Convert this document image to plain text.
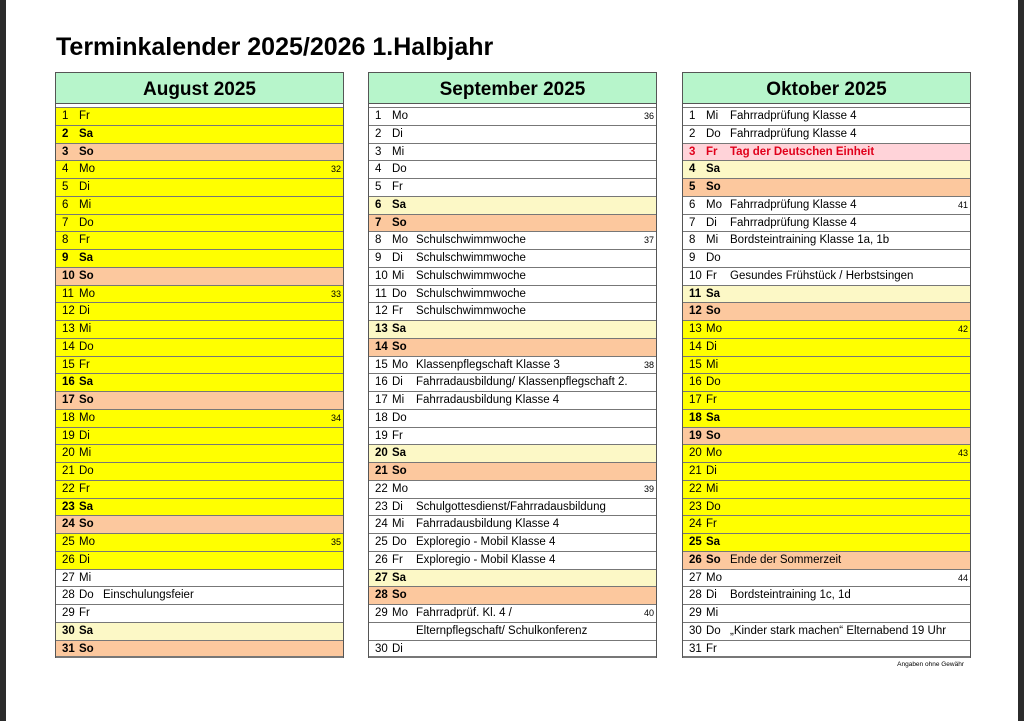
Terminkalender 2025/2026 1.Halbjahr
August 2025
1 Fr
2 Sa
3 So
4 Mo	32
5 Di
6 Mi
7 Do
8 Fr
9 Sa
10 So
11 Mo	33
12 Di
13 Mi
14 Do
15 Fr
16 Sa
17 So
18 Mo	34
19 Di
20 Mi
21 Do
22 Fr
23 Sa
24 So
25 Mo	35
26 Di
27 Mi
28 Do Einschulungsfeier
29 Fr
30 Sa
31 So
September 2025
1 Mo	36
2 Di
3 Mi
4 Do
5 Fr
6 Sa
7 So
8 Mo Schulschwimmwoche	37
9 Di Schulschwimmwoche
10 Mi Schulschwimmwoche
11 Do Schulschwimmwoche
12 Fr Schulschwimmwoche
13 Sa
14 So
15 Mo Klassenpflegschaft Klasse 3	38
16 Di Fahrradausbildung/ Klassenpflegschaft 2.
17 Mi Fahrradausbildung Klasse 4
18 Do
19 Fr
20 Sa
21 So
22 Mo	39
23 Di Schulgottesdienst/Fahrradausbildung
24 Mi Fahrradausbildung Klasse 4
25 Do Exploregio - Mobil Klasse 4
26 Fr Exploregio - Mobil Klasse 4
27 Sa
28 So
29 Mo Fahrradprüf. Kl. 4 /	40
Elternpflegschaft/ Schulkonferenz
30 Di
Oktober 2025
1 Mi Fahrradprüfung Klasse 4
2 Do Fahrradprüfung Klasse 4
3 Fr Tag der Deutschen Einheit
4 Sa
5 So
6 Mo Fahrradprüfung Klasse 4	41
7 Di Fahrradprüfung Klasse 4
8 Mi Bordsteintraining Klasse 1a, 1b
9 Do
10 Fr Gesundes Frühstück / Herbstsingen
11 Sa
12 So
13 Mo	42
14 Di
15 Mi
16 Do
17 Fr
18 Sa
19 So
20 Mo	43
21 Di
22 Mi
23 Do
24 Fr
25 Sa
26 So Ende der Sommerzeit
27 Mo	44
28 Di Bordsteintraining 1c, 1d
29 Mi
30 Do „Kinder stark machen“ Elternabend 19 Uhr
31 Fr
Angaben ohne Gewähr
